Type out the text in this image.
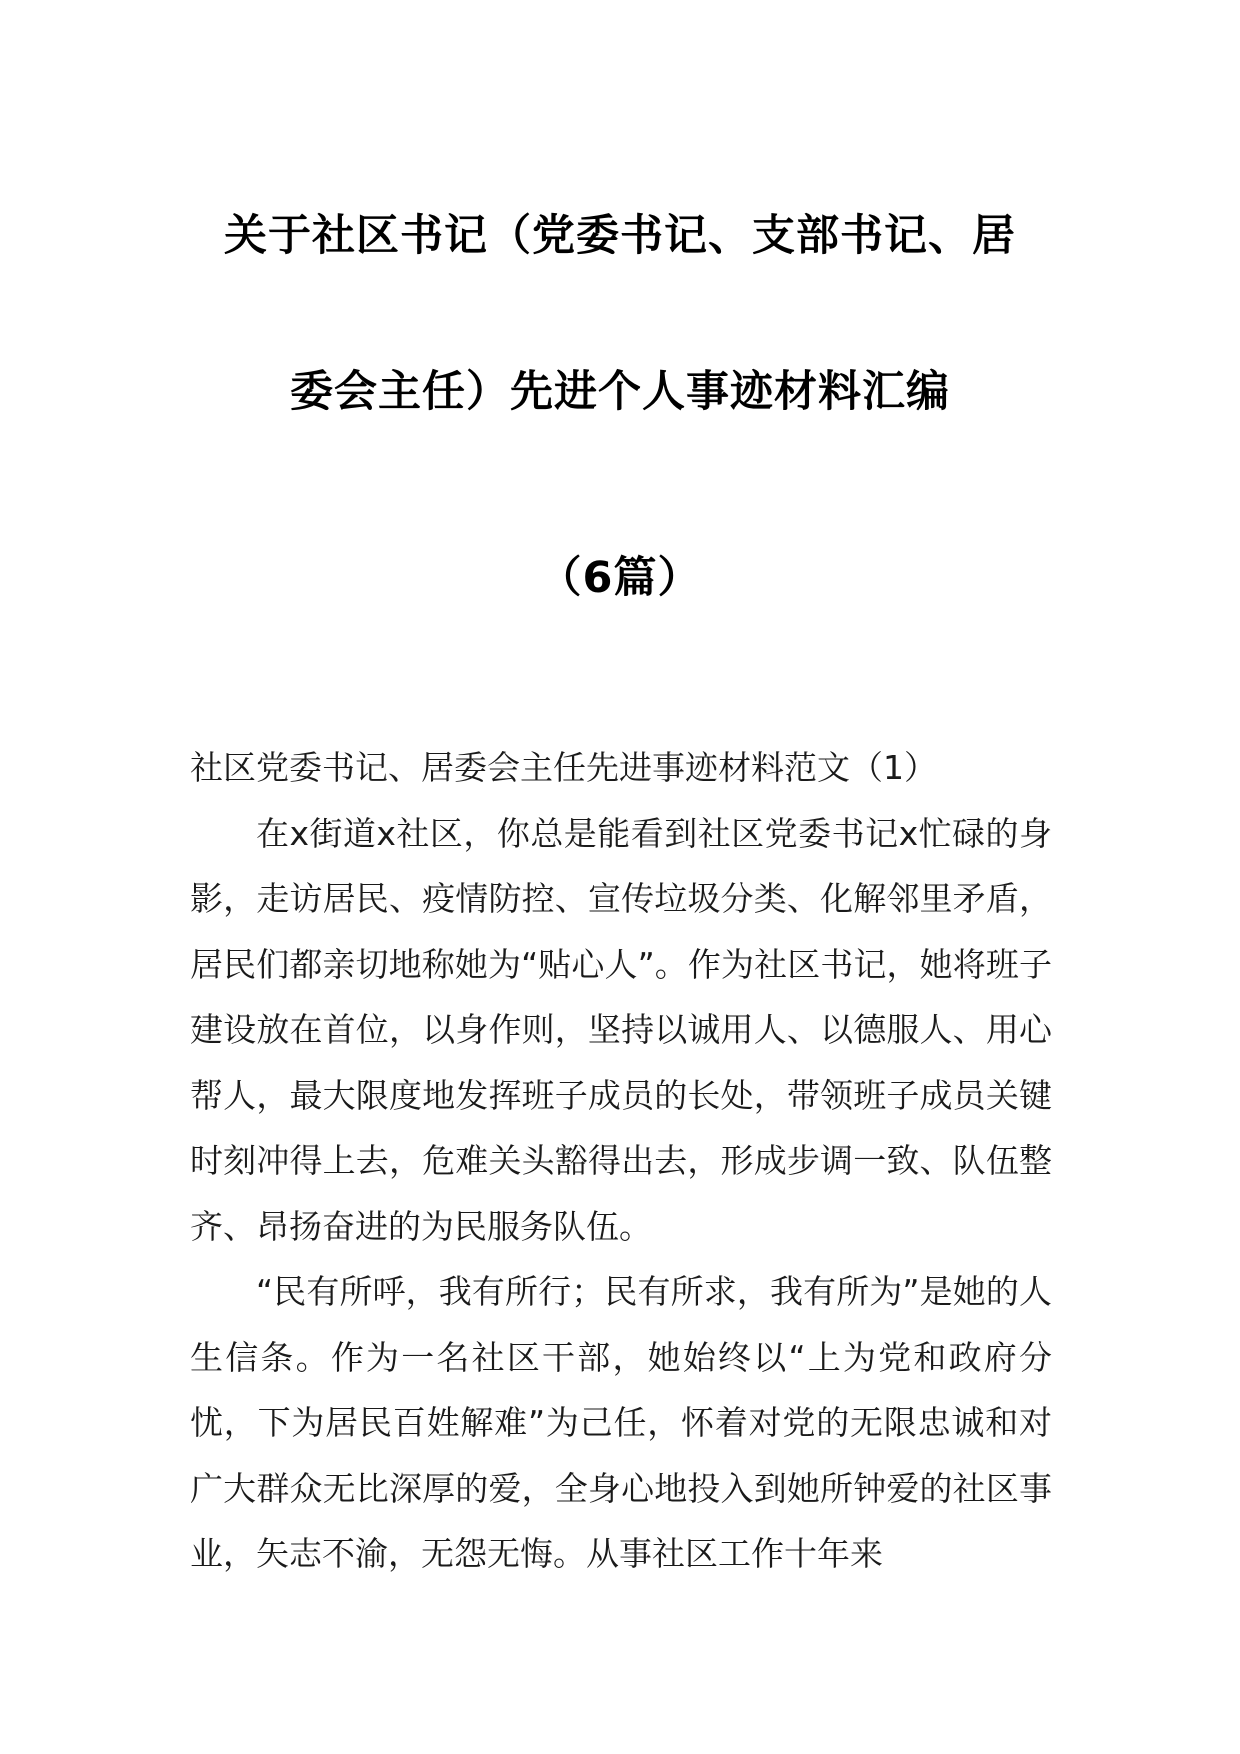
关于社区书记（党委书记、支部书记、居
委会主任）先进个人事迹材料汇编
（6篇）

社区党委书记、居委会主任先进事迹材料范文（1）

在x街道x社区，你总是能看到社区党委书记x忙碌的身影，走访居民、疫情防控、宣传垃圾分类、化解邻里矛盾，居民们都亲切地称她为“贴心人”。作为社区书记，她将班子建设放在首位，以身作则，坚持以诚用人、以德服人、用心帮人，最大限度地发挥班子成员的长处，带领班子成员关键时刻冲得上去，危难关头豁得出去，形成步调一致、队伍整齐、昂扬奋进的为民服务队伍。

“民有所呼，我有所行；民有所求，我有所为”是她的人生信条。作为一名社区干部，她始终以“上为党和政府分忧，下为居民百姓解难”为己任，怀着对党的无限忠诚和对广大群众无比深厚的爱，全身心地投入到她所钟爱的社区事业，矢志不渝，无怨无悔。从事社区工作十年来
